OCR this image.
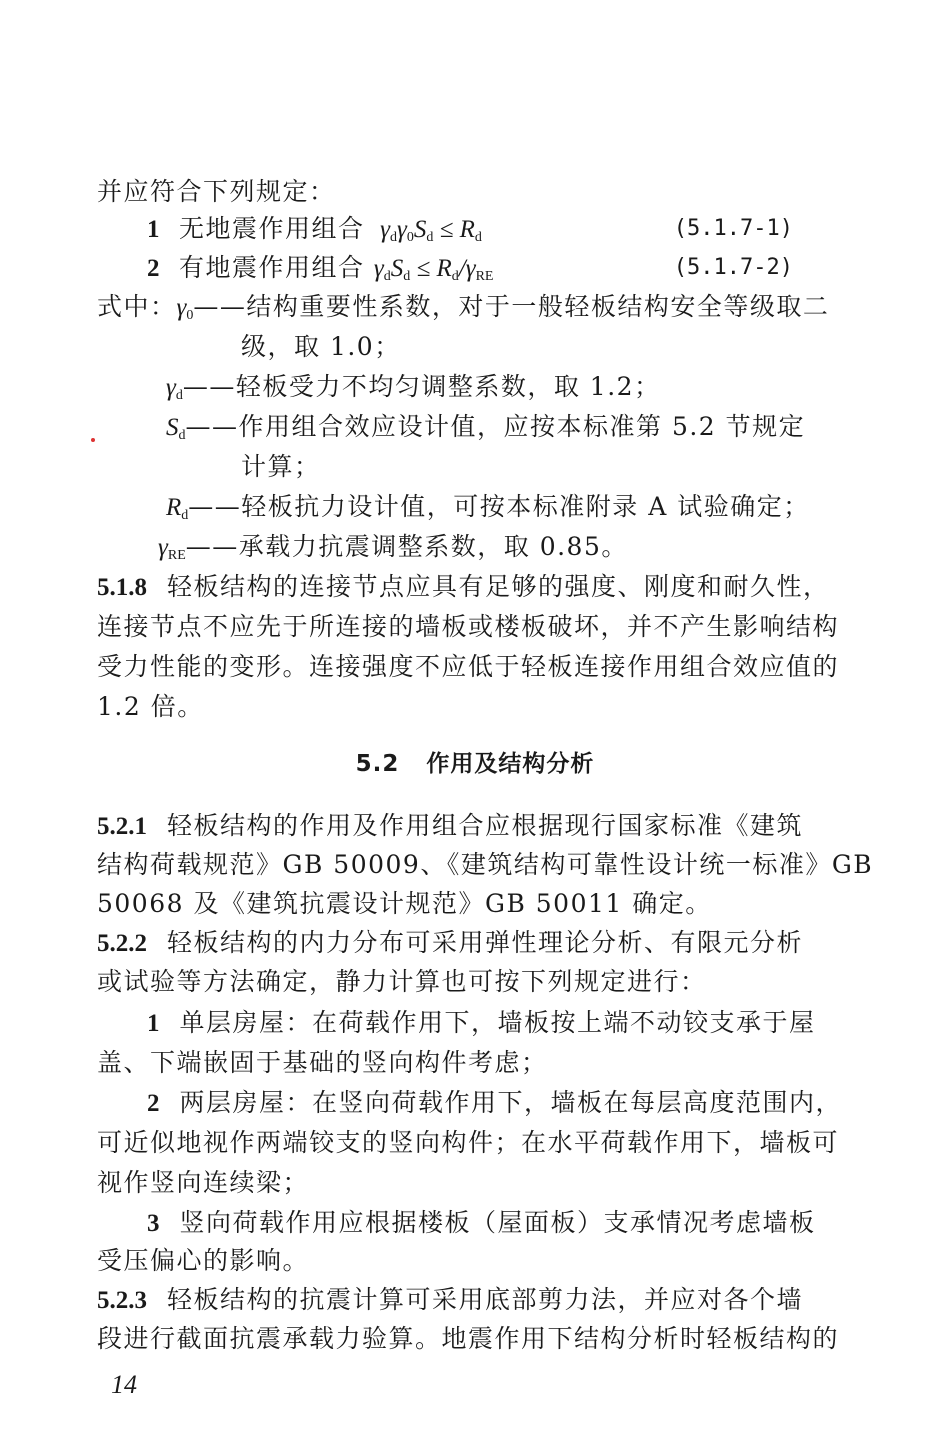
并应符合下列规定：
1 无地震作用组合  $\gamma_d\gamma_0S_d \le R_d$	(5.1.7-1)
2 有地震作用组合 $\gamma_dS_d \le R_d/\gamma_{RE}$	(5.1.7-2)
式中：$\gamma_0——$结构重要性系数，对于一般轻板结构安全等级取二
级，取 1.0；
$\gamma_d——$轻板受力不均匀调整系数，取 1.2；
$S_d——$作用组合效应设计值，应按本标准第 5.2 节规定
计算；
$R_d——$轻板抗力设计值，可按本标准附录 A 试验确定；
$\gamma_{RE}——$承载力抗震调整系数，取 0.85。
5.1.8 轻板结构的连接节点应具有足够的强度、刚度和耐久性，
连接节点不应先于所连接的墙板或楼板破坏，并不产生影响结构
受力性能的变形。连接强度不应低于轻板连接作用组合效应值的
1.2 倍。
5.2 作用及结构分析
5.2.1 轻板结构的作用及作用组合应根据现行国家标准《建筑
结构荷载规范》GB 50009、《建筑结构可靠性设计统一标准》GB
50068 及《建筑抗震设计规范》GB 50011 确定。
5.2.2 轻板结构的内力分布可采用弹性理论分析、有限元分析
或试验等方法确定，静力计算也可按下列规定进行：
1 单层房屋：在荷载作用下，墙板按上端不动铰支承于屋
盖、下端嵌固于基础的竖向构件考虑；
2 两层房屋：在竖向荷载作用下，墙板在每层高度范围内，
可近似地视作两端铰支的竖向构件；在水平荷载作用下，墙板可
视作竖向连续梁；
3 竖向荷载作用应根据楼板（屋面板）支承情况考虑墙板
受压偏心的影响。
5.2.3 轻板结构的抗震计算可采用底部剪力法，并应对各个墙
段进行截面抗震承载力验算。地震作用下结构分析时轻板结构的
14
